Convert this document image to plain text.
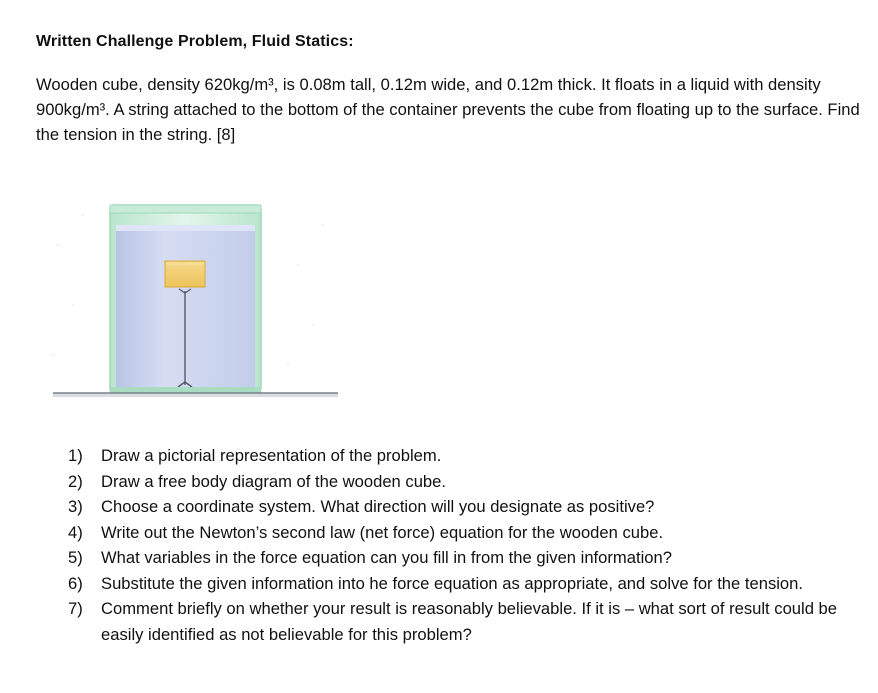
Written Challenge Problem, Fluid Statics:
Wooden cube, density 620kg/m³, is 0.08m tall, 0.12m wide, and 0.12m thick. It floats in a liquid with density 900kg/m³. A string attached to the bottom of the container prevents the cube from floating up to the surface. Find the tension in the string. [8]
1) Draw a pictorial representation of the problem.
2) Draw a free body diagram of the wooden cube.
3) Choose a coordinate system. What direction will you designate as positive?
4) Write out the Newton’s second law (net force) equation for the wooden cube.
5) What variables in the force equation can you fill in from the given information?
6) Substitute the given information into he force equation as appropriate, and solve for the tension.
7) Comment briefly on whether your result is reasonably believable. If it is – what sort of result could be easily identified as not believable for this problem?
